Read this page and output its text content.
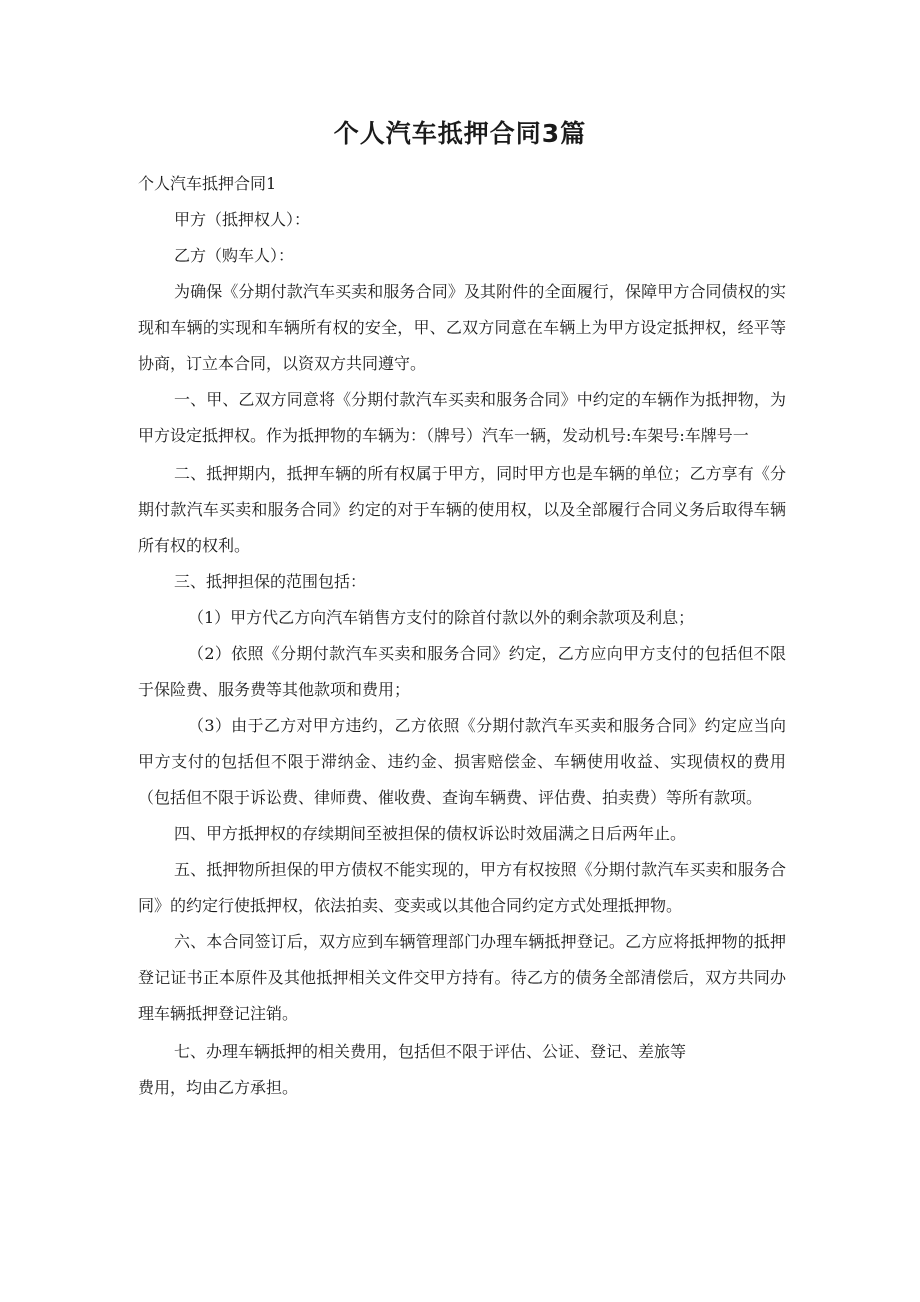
个人汽车抵押合同3篇

个人汽车抵押合同1

甲方（抵押权人）：

乙方（购车人）：

为确保《分期付款汽车买卖和服务合同》及其附件的全面履行，保障甲方合同债权的实现和车辆的实现和车辆所有权的安全，甲、乙双方同意在车辆上为甲方设定抵押权，经平等协商，订立本合同，以资双方共同遵守。

一、甲、乙双方同意将《分期付款汽车买卖和服务合同》中约定的车辆作为抵押物，为甲方设定抵押权。作为抵押物的车辆为：（牌号）汽车一辆，发动机号:车架号:车牌号一

二、抵押期内，抵押车辆的所有权属于甲方，同时甲方也是车辆的单位；乙方享有《分期付款汽车买卖和服务合同》约定的对于车辆的使用权，以及全部履行合同义务后取得车辆所有权的权利。

三、抵押担保的范围包括：

（1）甲方代乙方向汽车销售方支付的除首付款以外的剩余款项及利息；

（2）依照《分期付款汽车买卖和服务合同》约定，乙方应向甲方支付的包括但不限于保险费、服务费等其他款项和费用；

（3）由于乙方对甲方违约，乙方依照《分期付款汽车买卖和服务合同》约定应当向甲方支付的包括但不限于滞纳金、违约金、损害赔偿金、车辆使用收益、实现债权的费用（包括但不限于诉讼费、律师费、催收费、查询车辆费、评估费、拍卖费）等所有款项。

四、甲方抵押权的存续期间至被担保的债权诉讼时效届满之日后两年止。

五、抵押物所担保的甲方债权不能实现的，甲方有权按照《分期付款汽车买卖和服务合同》的约定行使抵押权，依法拍卖、变卖或以其他合同约定方式处理抵押物。

六、本合同签订后，双方应到车辆管理部门办理车辆抵押登记。乙方应将抵押物的抵押登记证书正本原件及其他抵押相关文件交甲方持有。待乙方的债务全部清偿后，双方共同办理车辆抵押登记注销。

七、办理车辆抵押的相关费用，包括但不限于评估、公证、登记、差旅等

费用，均由乙方承担。
